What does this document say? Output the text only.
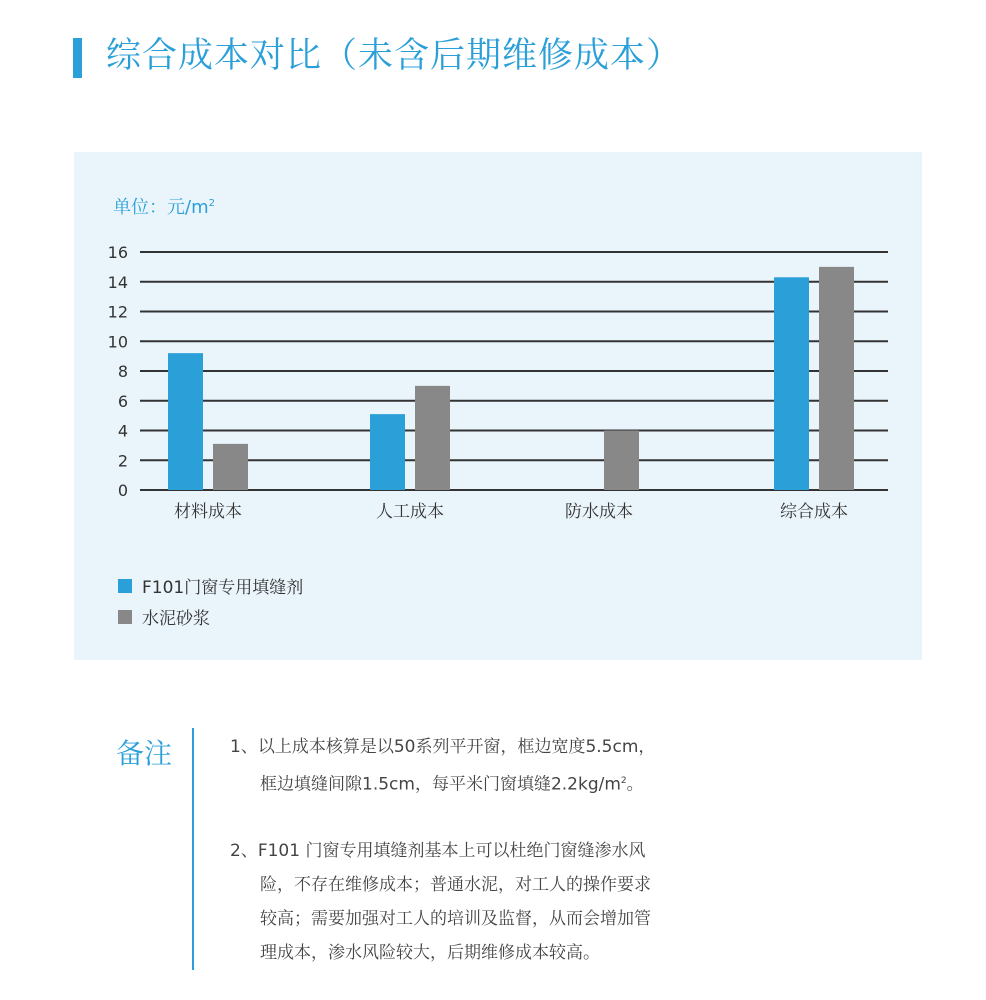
综合成本对比（未含后期维修成本）
单位：元$/m^2$
0
2
4
6
8
10
12
14
16
材料成本	人工成本	防水成本	综合成本
F101门窗专用填缝剂
水泥砂浆
备注	1、以上成本核算是以50系列平开窗，框边宽度5.5cm，
框边填缝间隙1.5cm，每平米门窗填缝$2.2kg/m^2$。
2、F101 门窗专用填缝剂基本上可以杜绝门窗缝渗水风
险，不存在维修成本；普通水泥，对工人的操作要求
较高；需要加强对工人的培训及监督，从而会增加管
理成本，渗水风险较大，后期维修成本较高。
